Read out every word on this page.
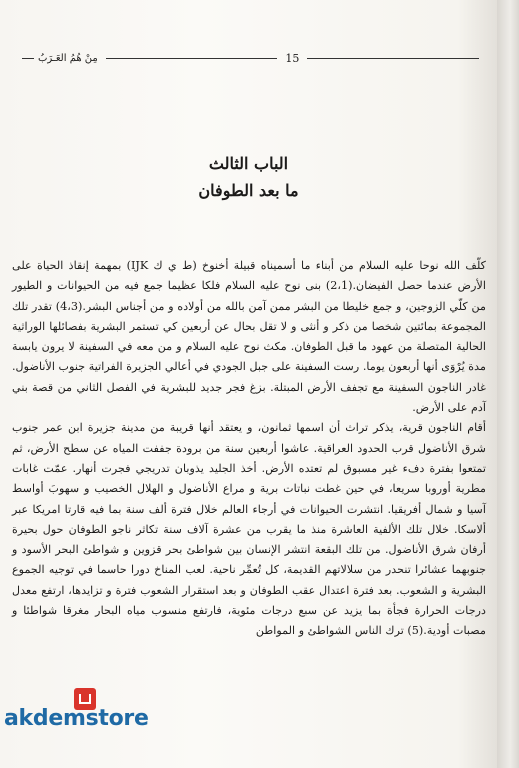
مِنْ هُمُ العَـرَبُ	15
الباب الثالث
ما بعد الطوفان

كلّف الله نوحا عليه السلام من أبناء ما أسميناه قبيلة أخنوخ (ط ي ك IJK) بمهمة إنقاذ الحياة على الأرض عندما حصل الفيضان.(2،1) بنى نوح عليه السلام فلكا عظيما جمع فيه من الحيوانات و الطيور من كلّي الزوجين، و جمع خليطا من البشر ممن آمن بالله من أولاده و من أجناس البشر.(4،3) تقدر تلك المجموعة بمائتين شخصا من ذكر و أنثى و لا تقل بحال عن أربعين كي تستمر البشرية بفصائلها الوراثية الحالية المتصلة من عهود ما قبل الطوفان. مكث نوح عليه السلام و من معه في السفينة لا يرون يابسة مدة يُرْوَى أنها أربعون يوما. رست السفينة على جبل الجودي في أعالي الجزيرة الفراتية جنوب الأناضول. غادر الناجون السفينة مع تجفف الأرض المبتلة. بزغ فجر جديد للبشرية في الفصل الثاني من قصة بني آدم على الأرض.

أقام الناجون قرية، يذكر تراث أن اسمها ثمانون، و يعتقد أنها قريبة من مدينة جزيرة ابن عمر جنوب شرق الأناضول قرب الحدود العراقية. عاشوا أربعين سنة من برودة جففت المياه عن سطح الأرض، ثم تمتعوا بفترة دفء غير مسبوق لم تعتده الأرض. أخذ الجليد يذوبان تدريجي فجرت أنهار. عمّت غابات مطرية أوروبا سريعا، في حين غطت نباتات برية و مراع الأناضول و الهلال الخصيب و سهوبَ أواسط آسيا و شمال أفريقيا. انتشرت الحيوانات في أرجاء العالم خلال فترة ألف سنة بما فيه قارتا امريكا عبر ألاسكا. خلال تلك الألفية العاشرة منذ ما يقرب من عشرة آلاف سنة تكاثر ناجو الطوفان حول بحيرة أرفان شرق الأناضول. من تلك البقعة انتشر الإنسان بين شواطئ بحر قزوين و شواطئ البحر الأسود و جنوبهما عشائرا تنحدر من سلالاتهم القديمة، كل تُعمِّر ناحية. لعب المناخ دورا حاسما في توجيه الجموع البشرية و الشعوب. بعد فترة اعتدال عقب الطوفان و بعد استقرار الشعوب فترة و تزايدها، ارتفع معدل درجات الحرارة فجأة بما يزيد عن سبع درجات مئوية، فارتفع منسوب مياه البحار مغرقا شواطئا و مصبات أودية.(5) ترك الناس الشواطئ و المواطن

akdemstore
